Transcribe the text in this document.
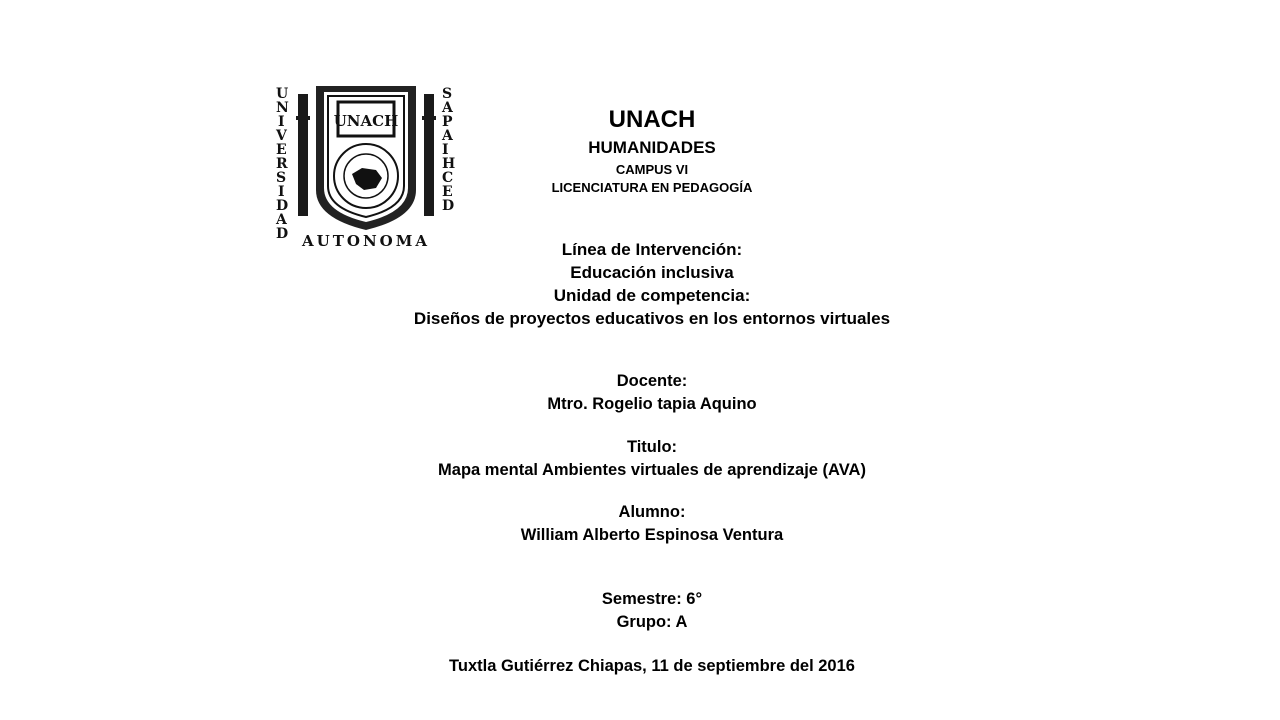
U
N
I
V
E
R
S
I
D
A
D
S
A
P
A
I
H
C
E
D
UNACH
AUTONOMA
UNACH
HUMANIDADES
CAMPUS VI
LICENCIATURA EN PEDAGOGÍA
Línea de Intervención:
Educación inclusiva
Unidad de competencia:
Diseños de proyectos educativos en los entornos virtuales
Docente:
Mtro. Rogelio tapia Aquino
Titulo:
Mapa mental Ambientes virtuales de aprendizaje (AVA)
Alumno:
William Alberto Espinosa Ventura
Semestre: 6°
Grupo: A
Tuxtla Gutiérrez Chiapas, 11 de septiembre del 2016
